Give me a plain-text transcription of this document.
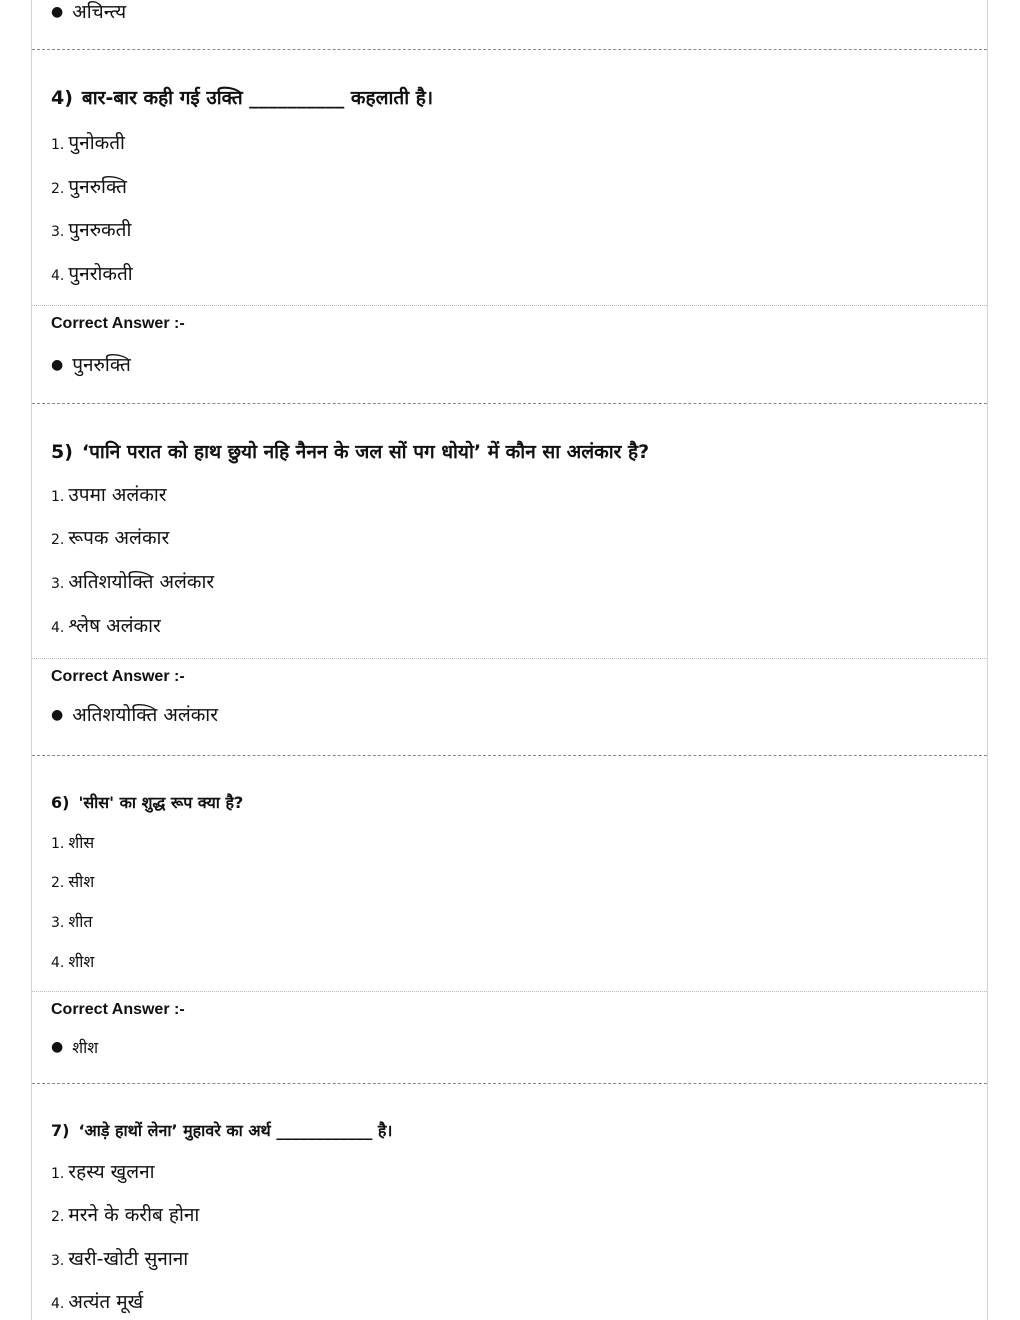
● अचिन्त्य
4) बार-बार कही गई उक्ति __________ कहलाती है।
1. पुनोकती
2. पुनरुक्ति
3. पुनरुकती
4. पुनरोकती
Correct Answer :-
● पुनरुक्ति
5) ‘पानि परात को हाथ छुयो नहि नैनन के जल सों पग धोयो’ में कौन सा अलंकार है?
1. उपमा अलंकार
2. रूपक अलंकार
3. अतिशयोक्ति अलंकार
4. श्लेष अलंकार
Correct Answer :-
● अतिशयोक्ति अलंकार
6) 'सीस' का शुद्ध रूप क्या है?
1. शीस
2. सीश
3. शीत
4. शीश
Correct Answer :-
● शीश
7) ‘आड़े हाथों लेना’ मुहावरे का अर्थ ____________ है।
1. रहस्य खुलना
2. मरने के करीब होना
3. खरी-खोटी सुनाना
4. अत्यंत मूर्ख
